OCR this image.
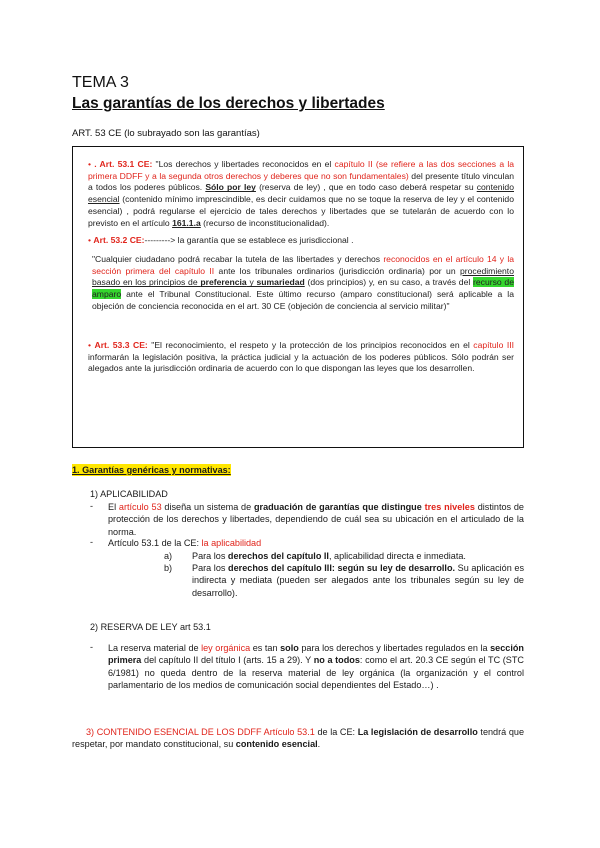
TEMA 3
Las garantías de los derechos y libertades
ART. 53 CE (lo subrayado son las garantías)
• . Art. 53.1 CE: "Los derechos y libertades reconocidos en el capítulo II (se refiere a las dos secciones a la primera DDFF y a la segunda otros derechos y deberes que no son fundamentales) del presente título vinculan a todos los poderes públicos. Sólo por ley (reserva de ley) , que en todo caso deberá respetar su contenido esencial (contenido mínimo imprescindible, es decir cuidamos que no se toque la reserva de ley y el contenido esencial) , podrá regularse el ejercicio de tales derechos y libertades que se tutelarán de acuerdo con lo previsto en el artículo 161.1.a (recurso de inconstitucionalidad).
• Art. 53.2 CE:---------> la garantía que se establece es jurisdiccional .
"Cualquier ciudadano podrá recabar la tutela de las libertades y derechos reconocidos en el artículo 14 y la sección primera del capítulo II ante los tribunales ordinarios (jurisdicción ordinaria) por un procedimiento basado en los principios de preferencia y sumariedad (dos principios) y, en su caso, a través del recurso de amparo ante el Tribunal Constitucional. Este último recurso (amparo constitucional) será aplicable a la objeción de conciencia reconocida en el art. 30 CE (objeción de conciencia al servicio militar)"
• Art. 53.3 CE: "El reconocimiento, el respeto y la protección de los principios reconocidos en el capítulo III informarán la legislación positiva, la práctica judicial y la actuación de los poderes públicos. Sólo podrán ser alegados ante la jurisdicción ordinaria de acuerdo con lo que dispongan las leyes que los desarrollen.
1. Garantías genéricas y normativas:
1) APLICABILIDAD
- El artículo 53 diseña un sistema de graduación de garantías que distingue tres niveles distintos de protección de los derechos y libertades, dependiendo de cuál sea su ubicación en el articulado de la norma.
- Artículo 53.1 de la CE: la aplicabilidad
a) Para los derechos del capítulo II, aplicabilidad directa e inmediata.
b) Para los derechos del capítulo III: según su ley de desarrollo. Su aplicación es indirecta y mediata (pueden ser alegados ante los tribunales según su ley de desarrollo).
2) RESERVA DE LEY art 53.1
- La reserva material de ley orgánica es tan solo para los derechos y libertades regulados en la sección primera del capítulo II del título I (arts. 15 a 29). Y no a todos: como el art. 20.3 CE según el TC (STC 6/1981) no queda dentro de la reserva material de ley orgánica (la organización y el control parlamentario de los medios de comunicación social dependientes del Estado…) .
3) CONTENIDO ESENCIAL DE LOS DDFF Artículo 53.1 de la CE: La legislación de desarrollo tendrá que respetar, por mandato constitucional, su contenido esencial.
